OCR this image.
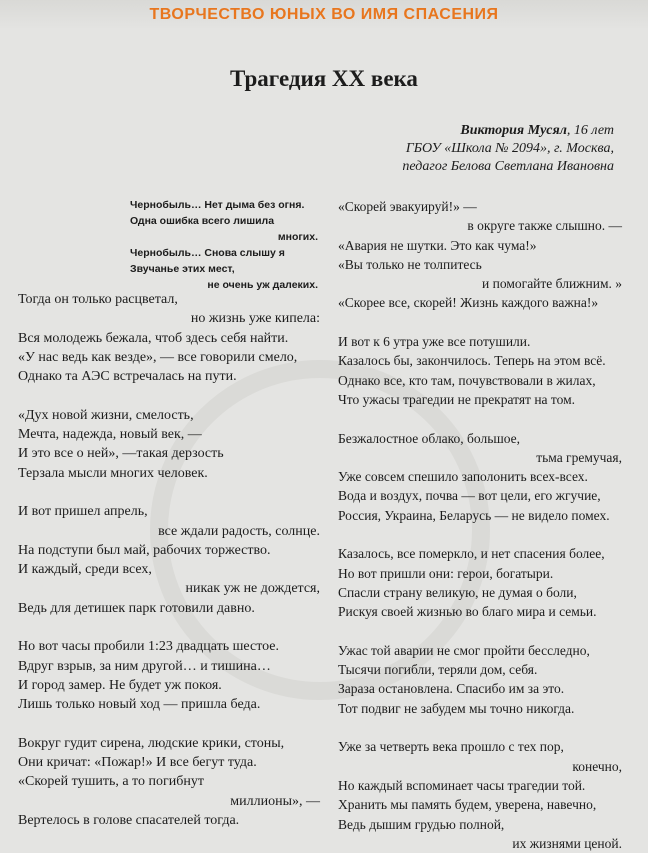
ТВОРЧЕСТВО ЮНЫХ ВО ИМЯ СПАСЕНИЯ
Трагедия XX века
Виктория Мусял, 16 лет
ГБОУ «Школа № 2094», г. Москва,
педагог Белова Светлана Ивановна
Чернобыль… Нет дыма без огня.
Одна ошибка всего лишила
многих.
Чернобыль… Снова слышу я
Звучанье этих мест,
не очень уж далеких.
Тогда он только расцветал,
но жизнь уже кипела:
Вся молодежь бежала, чтоб здесь себя найти.
«У нас ведь как везде», — все говорили смело,
Однако та АЭС встречалась на пути.
«Дух новой жизни, смелость,
Мечта, надежда, новый век, —
И это все о ней», —такая дерзость
Терзала мысли многих человек.
И вот пришел апрель,
все ждали радость, солнце.
На подступи был май, рабочих торжество.
И каждый, среди всех,
никак уж не дождется,
Ведь для детишек парк готовили давно.
Но вот часы пробили 1:23 двадцать шестое.
Вдруг взрыв, за ним другой… и тишина…
И город замер. Не будет уж покоя.
Лишь только новый ход — пришла беда.
Вокруг гудит сирена, людские крики, стоны,
Они кричат: «Пожар!» И все бегут туда.
«Скорей тушить, а то погибнут
миллионы», —
Вертелось в голове спасателей тогда.
«Скорей эвакуируй!» —
в округе также слышно. —
«Авария не шутки. Это как чума!»
«Вы только не толпитесь
и помогайте ближним. »
«Скорее все, скорей! Жизнь каждого важна!»
И вот к 6 утра уже все потушили.
Казалось бы, закончилось. Теперь на этом всё.
Однако все, кто там, почувствовали в жилах,
Что ужасы трагедии не прекратят на том.
Безжалостное облако, большое,
тьма гремучая,
Уже совсем спешило заполонить всех-всех.
Вода и воздух, почва — вот цели, его жгучие,
Россия, Украина, Беларусь — не видело помех.
Казалось, все померкло, и нет спасения более,
Но вот пришли они: герои, богатыри.
Спасли страну великую, не думая о боли,
Рискуя своей жизнью во благо мира и семьи.
Ужас той аварии не смог пройти бесследно,
Тысячи погибли, теряли дом, себя.
Зараза остановлена. Спасибо им за это.
Тот подвиг не забудем мы точно никогда.
Уже за четверть века прошло с тех пор,
конечно,
Но каждый вспоминает часы трагедии той.
Хранить мы память будем, уверена, навечно,
Ведь дышим грудью полной,
их жизнями ценой.
